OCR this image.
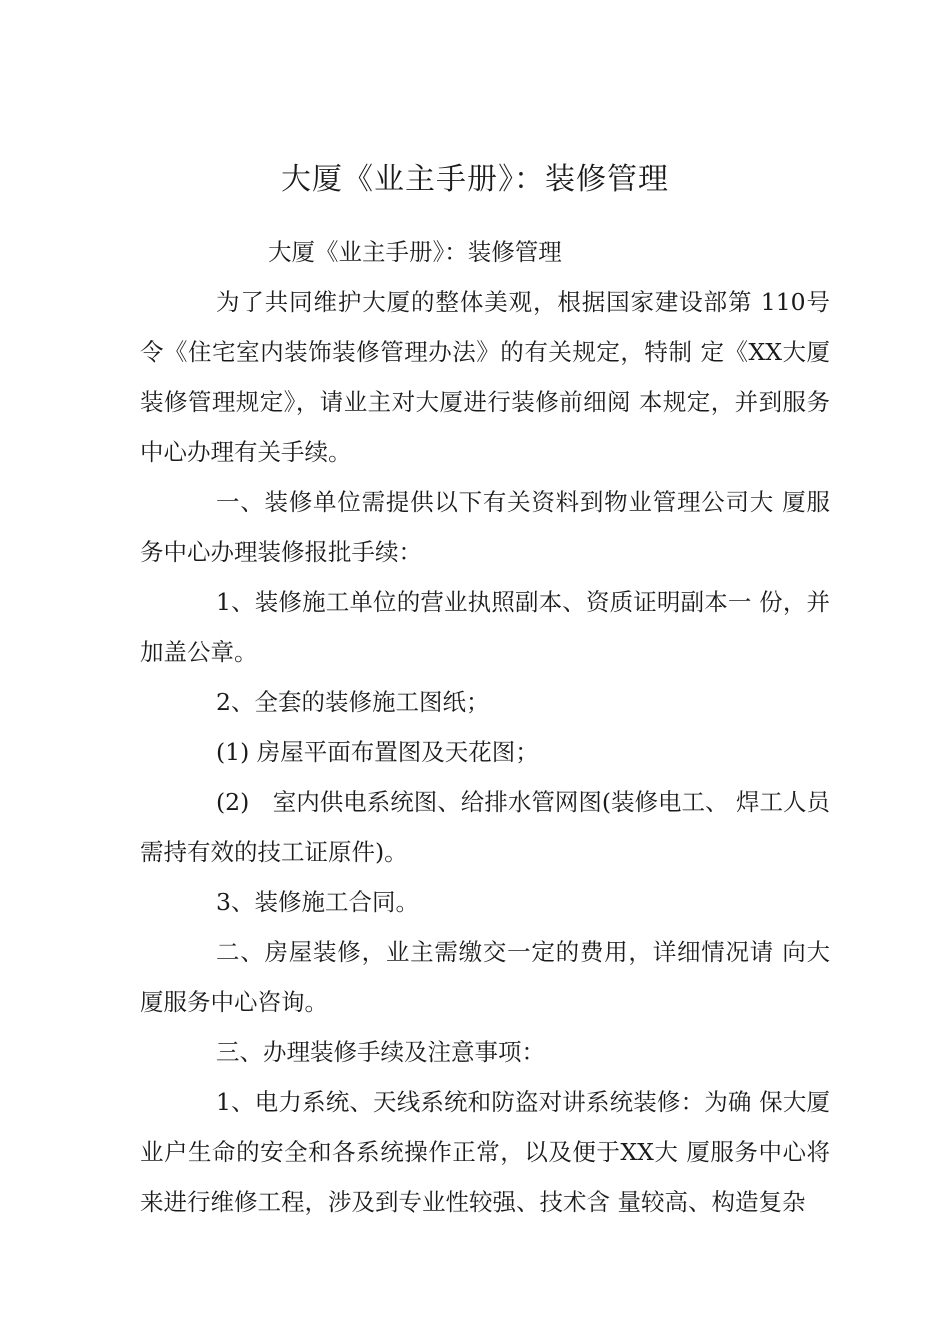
大厦《业主手册》：装修管理

大厦《业主手册》：装修管理

为了共同维护大厦的整体美观，根据国家建设部第 110号令《住宅室内装饰装修管理办法》的有关规定，特制 定《XX大厦装修管理规定》，请业主对大厦进行装修前细阅 本规定，并到服务中心办理有关手续。

一、装修单位需提供以下有关资料到物业管理公司大 厦服务中心办理装修报批手续：

1、装修施工单位的营业执照副本、资质证明副本一 份，并加盖公章。

2、全套的装修施工图纸；

(1) 房屋平面布置图及天花图；

(2)　室内供电系统图、给排水管网图(装修电工、 焊工人员需持有效的技工证原件)。

3、装修施工合同。

二、房屋装修，业主需缴交一定的费用，详细情况请 向大厦服务中心咨询。

三、办理装修手续及注意事项：

1、电力系统、天线系统和防盗对讲系统装修：为确 保大厦业户生命的安全和各系统操作正常，以及便于XX大 厦服务中心将来进行维修工程，涉及到专业性较强、技术含 量较高、构造复杂
